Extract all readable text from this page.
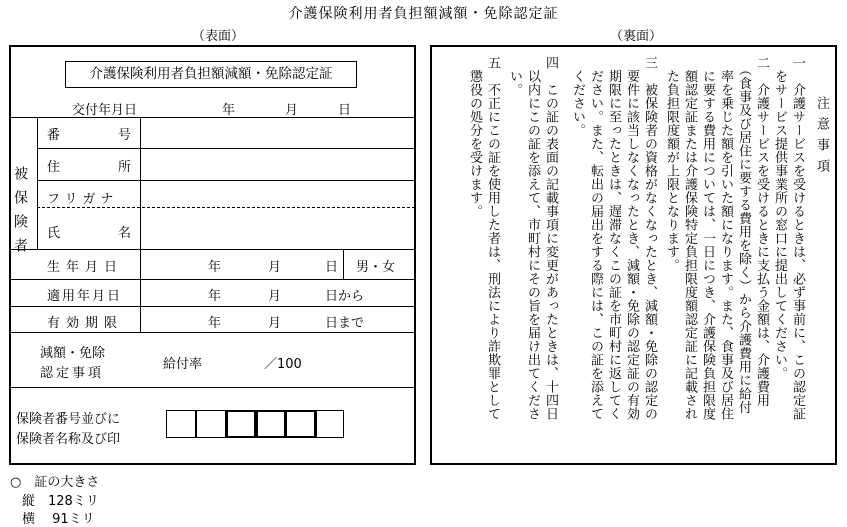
介護保険利用者負担額減額・免除認定証
（表面）	（裏面）
介護保険利用者負担額減額・免除認定証
交付年月日	年	月	日
被保険者
番	号
住	所
フリガナ
氏	名
生年月日	年	月	日 男・女
適用年月日	年	月	日から
有効期限	年	月	日まで
減額・免除
認定事項
給付率	／100
保険者番号並びに
保険者名称及び印
注意事項
一　介護サービスを受けるときは、必ず事前に、この認定証
　をサービス提供事業所の窓口に提出してください。
二　介護サービスを受けるときに支払う金額は、介護費用
　（食事及び居住に要する費用を除く）から介護費用に給付
　率を乗じた額を引いた額になります。また、食事及び居住
　に要する費用については、一日につき、介護保険負担限度
　額認定証または介護保険特定負担限度額認定証に記載され
　た負担限度額が上限となります。
三　被保険者の資格がなくなったとき、減額・免除の認定の
　要件に該当しなくなったとき、減額・免除の認定証の有効
　期限に至ったときは、遅滞なくこの証を市町村に返してく
　ださい。また、転出の届出をする際には、この証を添えて
　ください。
四　この証の表面の記載事項に変更があったときは、十四日
　以内にこの証を添えて、市町村にその旨を届け出てくださ
　い。
五　不正にこの証を使用した者は、刑法により詐欺罪として
　懲役の処分を受けます。
○　証の大きさ
縦　128ミリ
横　 91ミリ
